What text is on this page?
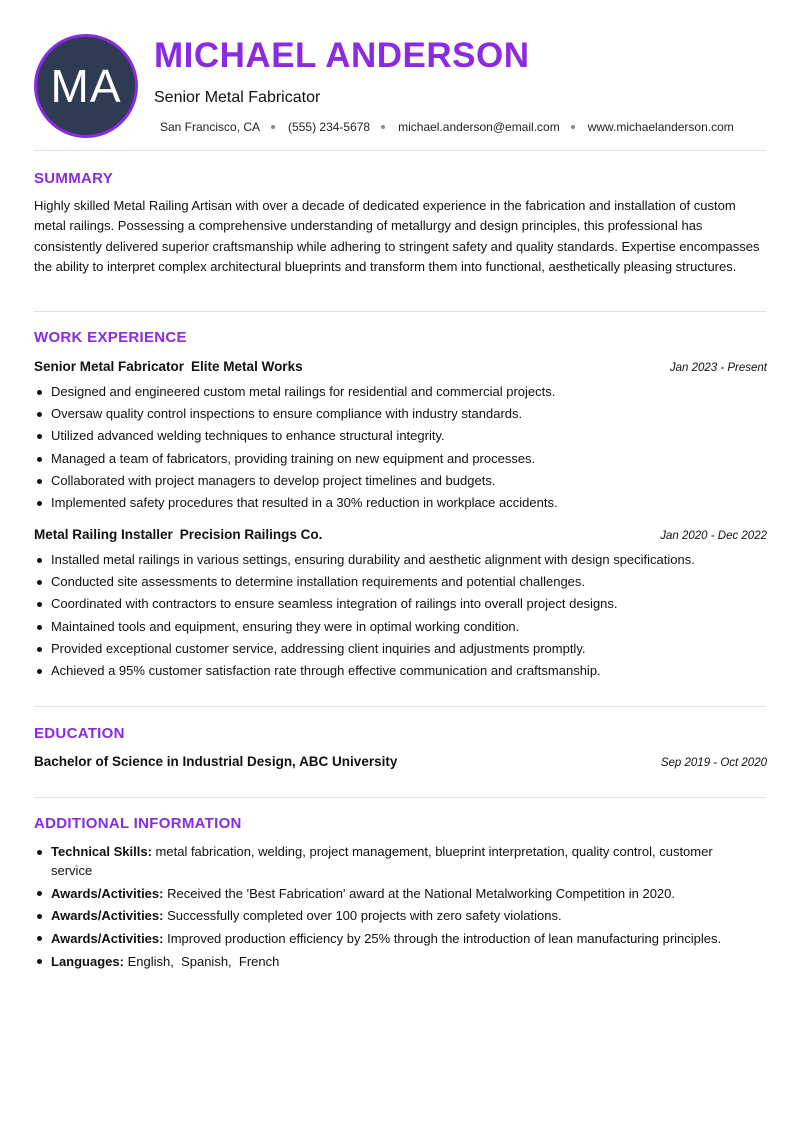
MA
MICHAEL ANDERSON
Senior Metal Fabricator
San Francisco, CA (555) 234-5678 michael.anderson@email.com www.michaelanderson.com
SUMMARY

Highly skilled Metal Railing Artisan with over a decade of dedicated experience in the fabrication and installation of custom metal railings. Possessing a comprehensive understanding of metallurgy and design principles, this professional has consistently delivered superior craftsmanship while adhering to stringent safety and quality standards. Expertise encompasses the ability to interpret complex architectural blueprints and transform them into functional, aesthetically pleasing structures.

WORK EXPERIENCE
Senior Metal Fabricator Elite Metal Works	Jan 2023 - Present
Designed and engineered custom metal railings for residential and commercial projects.
Oversaw quality control inspections to ensure compliance with industry standards.
Utilized advanced welding techniques to enhance structural integrity.
Managed a team of fabricators, providing training on new equipment and processes.
Collaborated with project managers to develop project timelines and budgets.
Implemented safety procedures that resulted in a 30% reduction in workplace accidents.
Metal Railing Installer Precision Railings Co.	Jan 2020 - Dec 2022
Installed metal railings in various settings, ensuring durability and aesthetic alignment with design specifications.
Conducted site assessments to determine installation requirements and potential challenges.
Coordinated with contractors to ensure seamless integration of railings into overall project designs.
Maintained tools and equipment, ensuring they were in optimal working condition.
Provided exceptional customer service, addressing client inquiries and adjustments promptly.
Achieved a 95% customer satisfaction rate through effective communication and craftsmanship.
EDUCATION
Bachelor of Science in Industrial Design, ABC University	Sep 2019 - Oct 2020
ADDITIONAL INFORMATION
Technical Skills: metal fabrication, welding, project management, blueprint interpretation, quality control, customer service
Awards/Activities: Received the 'Best Fabrication' award at the National Metalworking Competition in 2020.
Awards/Activities: Successfully completed over 100 projects with zero safety violations.
Awards/Activities: Improved production efficiency by 25% through the introduction of lean manufacturing principles.
Languages: English,  Spanish,  French
